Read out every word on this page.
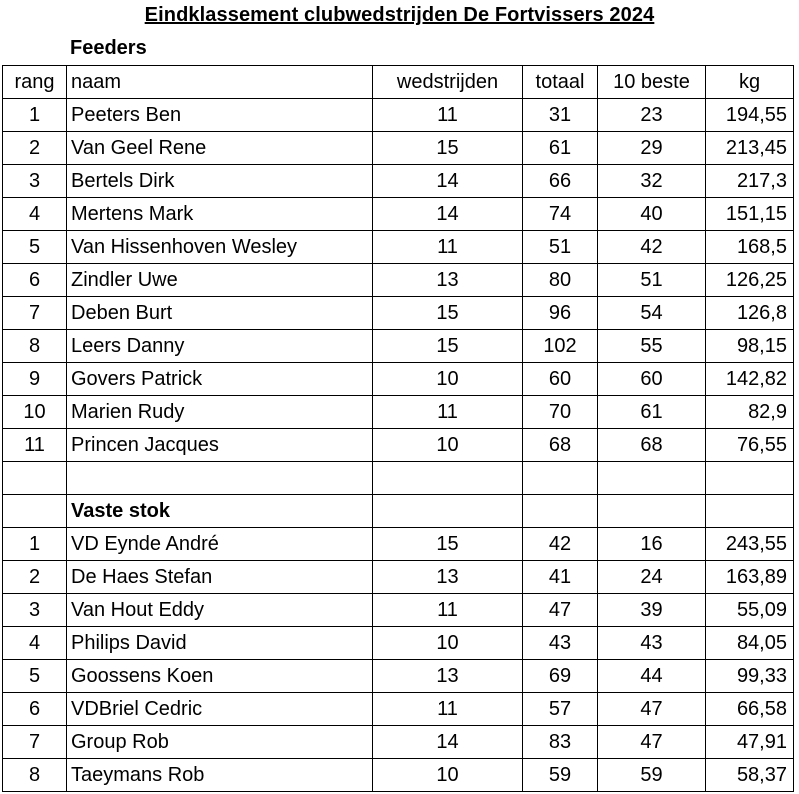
Eindklassement clubwedstrijden De Fortvissers 2024
Feeders
rang	naam	wedstrijden	totaal	10 beste	kg
1	Peeters Ben	11	31	23	194,55
2	Van Geel Rene	15	61	29	213,45
3	Bertels Dirk	14	66	32	217,3
4	Mertens Mark	14	74	40	151,15
5	Van Hissenhoven Wesley	11	51	42	168,5
6	Zindler Uwe	13	80	51	126,25
7	Deben Burt	15	96	54	126,8
8	Leers Danny	15	102	55	98,15
9	Govers Patrick	10	60	60	142,82
10	Marien Rudy	11	70	61	82,9
11	Princen Jacques	10	68	68	76,55

	Vaste stok				
1	VD Eynde André	15	42	16	243,55
2	De Haes Stefan	13	41	24	163,89
3	Van Hout Eddy	11	47	39	55,09
4	Philips David	10	43	43	84,05
5	Goossens Koen	13	69	44	99,33
6	VDBriel Cedric	11	57	47	66,58
7	Group Rob	14	83	47	47,91
8	Taeymans Rob	10	59	59	58,37
